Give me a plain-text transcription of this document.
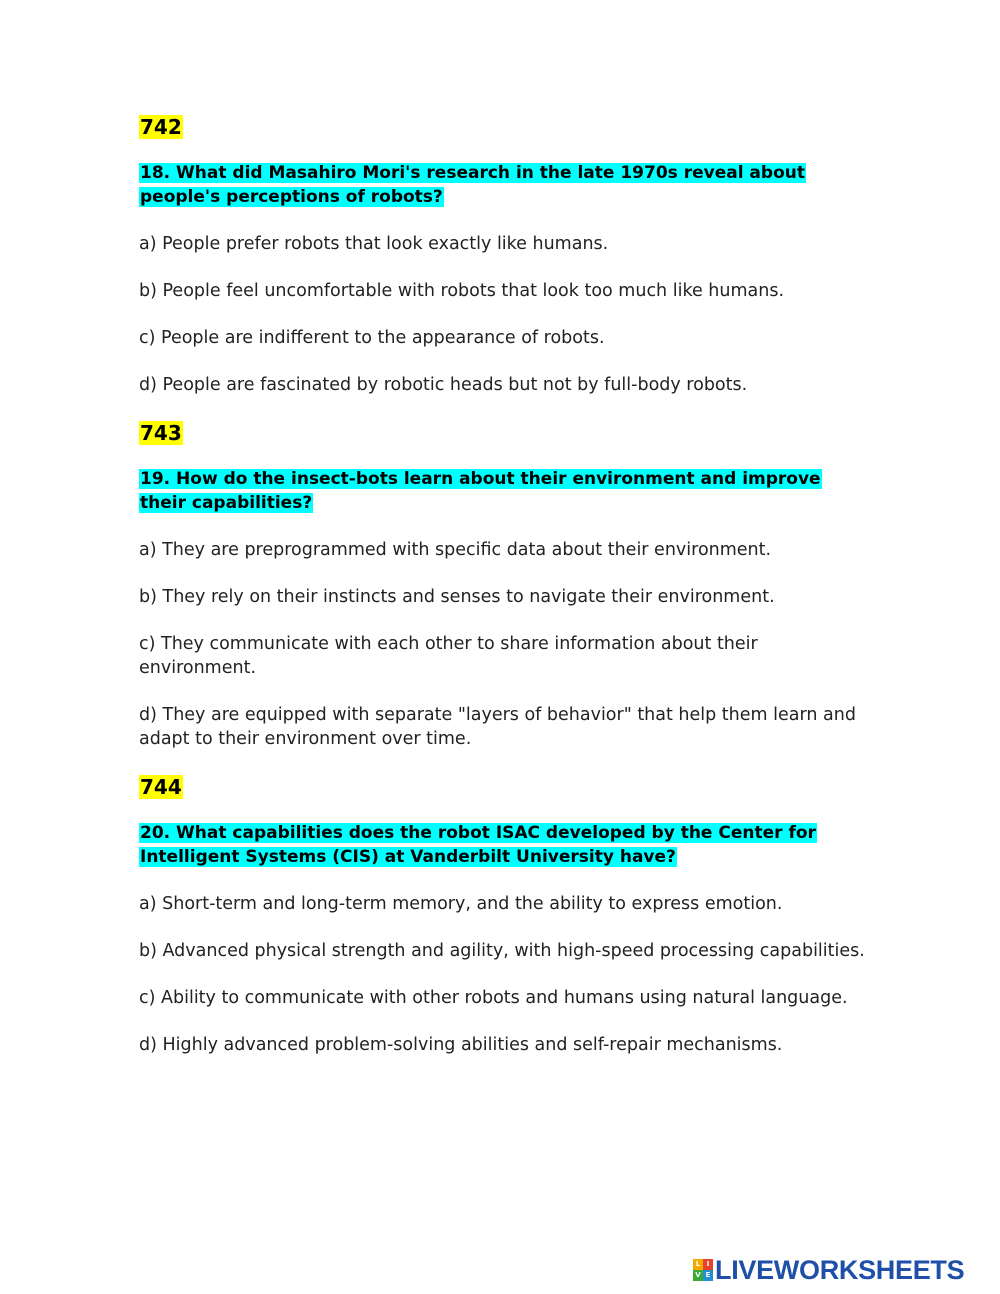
742
18. What did Masahiro Mori's research in the late 1970s reveal about people's perceptions of robots?
a) People prefer robots that look exactly like humans.
b) People feel uncomfortable with robots that look too much like humans.
c) People are indifferent to the appearance of robots.
d) People are fascinated by robotic heads but not by full-body robots.
743
19. How do the insect-bots learn about their environment and improve their capabilities?
a) They are preprogrammed with specific data about their environment.
b) They rely on their instincts and senses to navigate their environment.
c) They communicate with each other to share information about their environment.
d) They are equipped with separate "layers of behavior" that help them learn and adapt to their environment over time.
744
20. What capabilities does the robot ISAC developed by the Center for Intelligent Systems (CIS) at Vanderbilt University have?
a) Short-term and long-term memory, and the ability to express emotion.
b) Advanced physical strength and agility, with high-speed processing capabilities.
c) Ability to communicate with other robots and humans using natural language.
d) Highly advanced problem-solving abilities and self-repair mechanisms.
L I
V E LIVEWORKSHEETS
